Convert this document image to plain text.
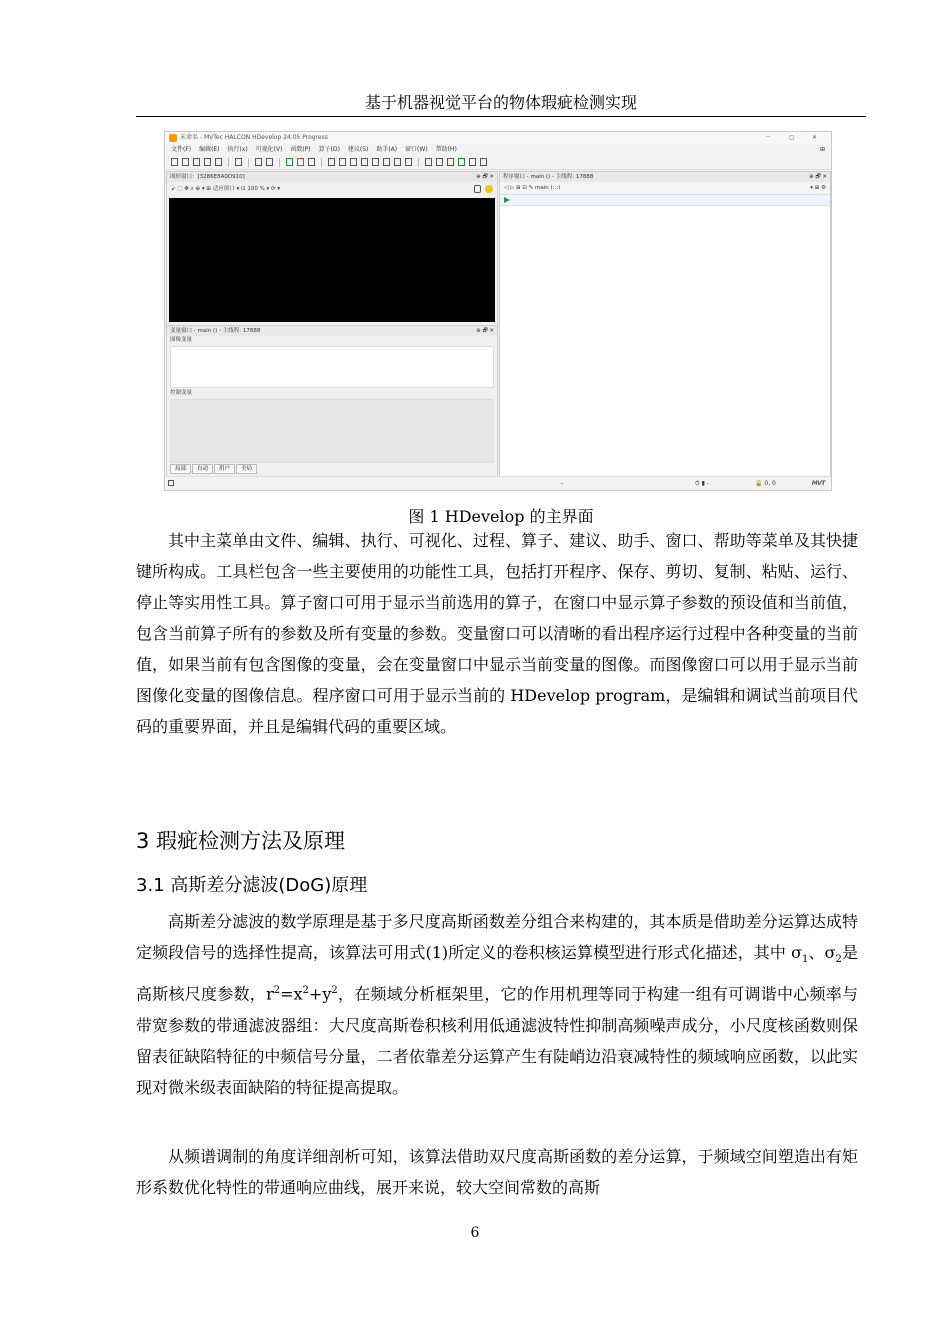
基于机器视觉平台的物体瑕疵检测实现
未命名 - MVTec HALCON HDevelop 24.05 Progress	－ ◻ ✕
文件(F) 编辑(E) 执行(x) 可视化(V) 函数(P) 算子(O) 建议(S) 助手(A) 窗口(W) 帮助(H)	⊞
图形窗口：[3286E8A0D910]	⊕ 🗗 ✕
↙ ⬚ ✥ ⌕ ⊕ ▾ ⊞ 适应窗口 ▾ ⊡ 100 % ▾ ⟳ ▾
变量窗口 - main () - 主线程: 17888	⊕ 🗗 ✕
图像变量
控制变量
局部	自动	用户	全局
程序窗口 - main () - 主线程: 17888	⊕ 🗗 ✕
◁ ▷ ⊞ ⊡ ✎ main (:::)	▾ ⊞ ⚙
-	⏱ ▮ -	🔒 0, 0	MVT
图 1 HDevelop 的主界面

其中主菜单由文件、编辑、执行、可视化、过程、算子、建议、助手、窗口、帮助等菜单及其快捷键所构成。工具栏包含一些主要使用的功能性工具，包括打开程序、保存、剪切、复制、粘贴、运行、停止等实用性工具。算子窗口可用于显示当前选用的算子，在窗口中显示算子参数的预设值和当前值，包含当前算子所有的参数及所有变量的参数。变量窗口可以清晰的看出程序运行过程中各种变量的当前值，如果当前有包含图像的变量，会在变量窗口中显示当前变量的图像。而图像窗口可以用于显示当前图像化变量的图像信息。程序窗口可用于显示当前的 HDevelop program，是编辑和调试当前项目代码的重要界面，并且是编辑代码的重要区域。

3 瑕疵检测方法及原理
3.1 高斯差分滤波(DoG)原理

高斯差分滤波的数学原理是基于多尺度高斯函数差分组合来构建的，其本质是借助差分运算达成特定频段信号的选择性提高，该算法可用式(1)所定义的卷积核运算模型进行形式化描述，其中 $\sigma_1$、$\sigma_2$是高斯核尺度参数，$r^2=x^2+y^2$，在频域分析框架里，它的作用机理等同于构建一组有可调谐中心频率与带宽参数的带通滤波器组：大尺度高斯卷积核利用低通滤波特性抑制高频噪声成分，小尺度核函数则保留表征缺陷特征的中频信号分量，二者依靠差分运算产生有陡峭边沿衰减特性的频域响应函数，以此实现对微米级表面缺陷的特征提高提取。

从频谱调制的角度详细剖析可知，该算法借助双尺度高斯函数的差分运算，于频域空间塑造出有矩形系数优化特性的带通响应曲线，展开来说，较大空间常数的高斯

6
